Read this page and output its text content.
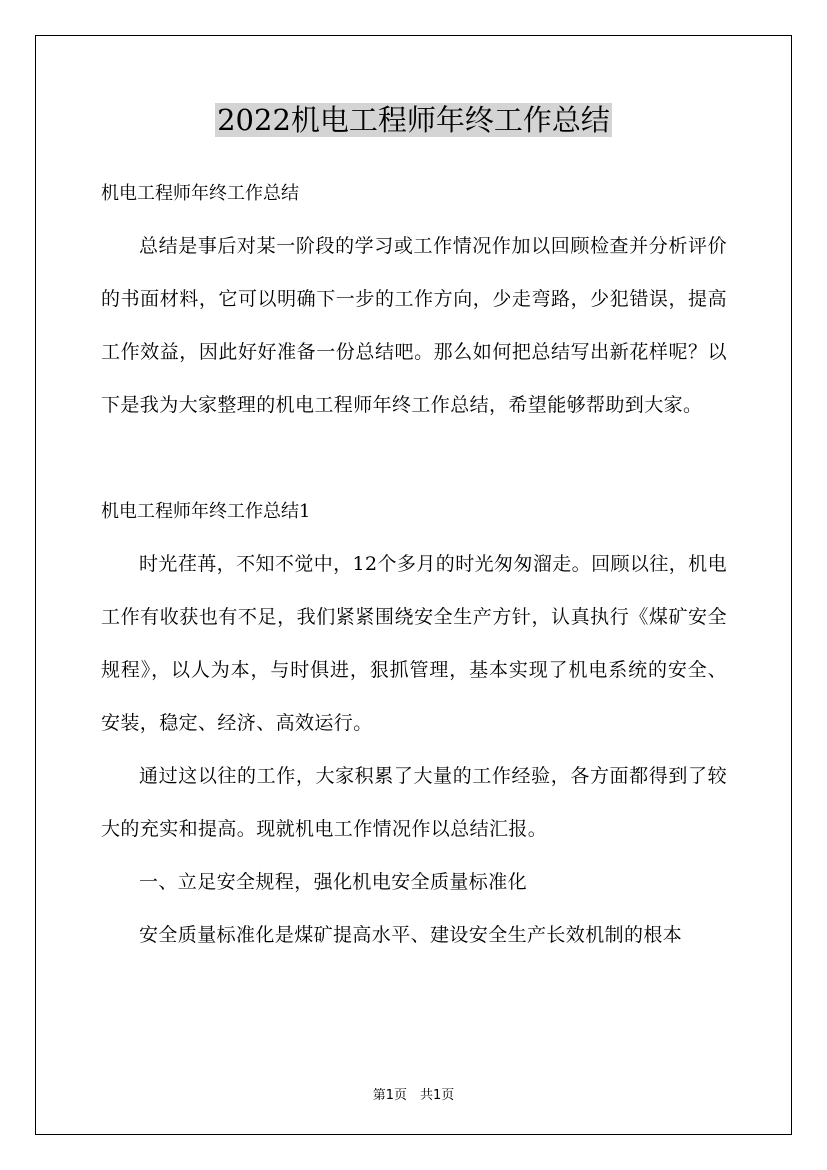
2022机电工程师年终工作总结

机电工程师年终工作总结

总结是事后对某一阶段的学习或工作情况作加以回顾检查并分析评价的书面材料，它可以明确下一步的工作方向，少走弯路，少犯错误，提高工作效益，因此好好准备一份总结吧。那么如何把总结写出新花样呢？以下是我为大家整理的机电工程师年终工作总结，希望能够帮助到大家。

机电工程师年终工作总结1

时光荏苒，不知不觉中，12个多月的时光匆匆溜走。回顾以往，机电工作有收获也有不足，我们紧紧围绕安全生产方针，认真执行《煤矿安全规程》，以人为本，与时俱进，狠抓管理，基本实现了机电系统的安全、安装，稳定、经济、高效运行。

通过这以往的工作，大家积累了大量的工作经验，各方面都得到了较大的充实和提高。现就机电工作情况作以总结汇报。

一、立足安全规程，强化机电安全质量标准化

安全质量标准化是煤矿提高水平、建设安全生产长效机制的根本

第1页　共1页
